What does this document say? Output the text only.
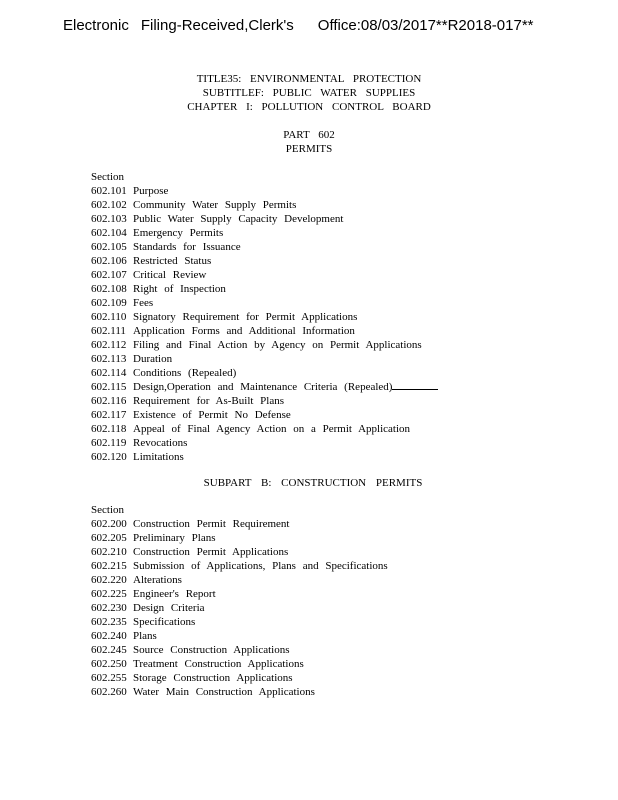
Electronic Filing-Received,Clerk's Office:08/03/2017**R2018-017**
TITLE35: ENVIRONMENTAL PROTECTION
SUBTITLEF: PUBLIC WATER SUPPLIES
CHAPTER I: POLLUTION CONTROL BOARD
PART 602
PERMITS
Section
602.101 Purpose
602.102 Community Water Supply Permits
602.103 Public Water Supply Capacity Development
602.104 Emergency Permits
602.105 Standards for Issuance
602.106 Restricted Status
602.107 Critical Review
602.108 Right of Inspection
602.109 Fees
602.110 Signatory Requirement for Permit Applications
602.111 Application Forms and Additional Information
602.112 Filing and Final Action by Agency on Permit Applications
602.113 Duration
602.114 Conditions (Repealed)
602.115 Design,Operation and Maintenance Criteria (Repealed)
602.116 Requirement for As-Built Plans
602.117 Existence of Permit No Defense
602.118 Appeal of Final Agency Action on a Permit Application
602.119 Revocations
602.120 Limitations
SUBPART B: CONSTRUCTION PERMITS
Section
602.200 Construction Permit Requirement
602.205 Preliminary Plans
602.210 Construction Permit Applications
602.215 Submission of Applications, Plans and Specifications
602.220 Alterations
602.225 Engineer's Report
602.230 Design Criteria
602.235 Specifications
602.240 Plans
602.245 Source Construction Applications
602.250 Treatment Construction Applications
602.255 Storage Construction Applications
602.260 Water Main Construction Applications
